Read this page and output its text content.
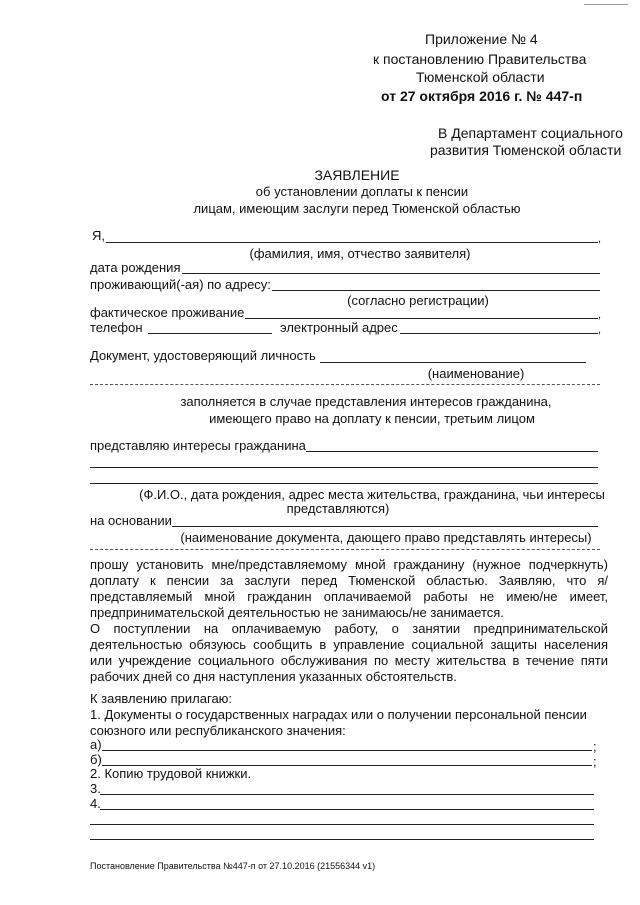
Приложение № 4
к постановлению Правительства
Тюменской области
от 27 октября 2016 г. № 447-п
В Департамент социального
развития Тюменской области
ЗАЯВЛЕНИЕ
об установлении доплаты к пенсии
лицам, имеющим заслуги перед Тюменской областью
Я,	,
(фамилия, имя, отчество заявителя)
дата рождения
проживающий(-ая) по адресу:
(согласно регистрации)
фактическое проживание	,
телефон	электронный адрес	,
Документ, удостоверяющий личность
(наименование)
заполняется в случае представления интересов гражданина,
имеющего право на доплату к пенсии, третьим лицом
представляю интересы гражданина
(Ф.И.О., дата рождения, адрес места жительства, гражданина, чьи интересы
представляются)
на основании
(наименование документа, дающего право представлять интересы)
прошу установить мне/представляемому мной гражданину (нужное подчеркнуть) доплату к пенсии за заслуги перед Тюменской областью. Заявляю, что я/представляемый мной гражданин оплачиваемой работы не имею/не имеет, предпринимательской деятельностью не занимаюсь/не занимается.
О поступлении на оплачиваемую работу, о занятии предпринимательской деятельностью обязуюсь сообщить в управление социальной защиты населения или учреждение социального обслуживания по месту жительства в течение пяти рабочих дней со дня наступления указанных обстоятельств.
К заявлению прилагаю:
1. Документы о государственных наградах или о получении персональной пенсии
союзного или республиканского значения:
а)	;
б)	;
2. Копию трудовой книжки.
3.
4.
Постановление Правительства №447-п от 27.10.2016 (21556344 v1)
